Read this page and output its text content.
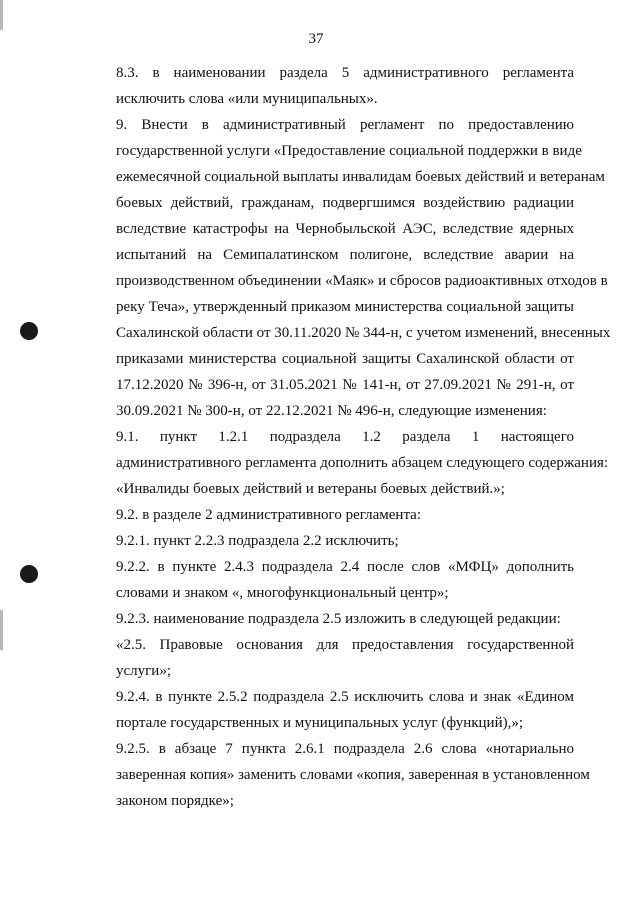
37

8.3. в наименовании раздела 5 административного регламента
исключить слова «или муниципальных».

9. Внести в административный регламент по предоставлению
государственной услуги «Предоставление социальной поддержки в виде
ежемесячной социальной выплаты инвалидам боевых действий и ветеранам
боевых действий, гражданам, подвергшимся воздействию радиации
вследствие катастрофы на Чернобыльской АЭС, вследствие ядерных
испытаний на Семипалатинском полигоне, вследствие аварии на
производственном объединении «Маяк» и сбросов радиоактивных отходов в
реку Теча», утвержденный приказом министерства социальной защиты
Сахалинской области от 30.11.2020 № 344-н, с учетом изменений, внесенных
приказами министерства социальной защиты Сахалинской области от
17.12.2020 № 396-н, от 31.05.2021 № 141-н, от 27.09.2021 № 291-н, от
30.09.2021 № 300-н, от 22.12.2021 № 496-н, следующие изменения:

9.1. пункт 1.2.1 подраздела 1.2 раздела 1 настоящего
административного регламента дополнить абзацем следующего содержания:

«Инвалиды боевых действий и ветераны боевых действий.»;

9.2. в разделе 2 административного регламента:

9.2.1. пункт 2.2.3 подраздела 2.2 исключить;

9.2.2. в пункте 2.4.3 подраздела 2.4 после слов «МФЦ» дополнить
словами и знаком «, многофункциональный центр»;

9.2.3. наименование подраздела 2.5 изложить в следующей редакции:

«2.5. Правовые основания для предоставления государственной
услуги»;

9.2.4. в пункте 2.5.2 подраздела 2.5 исключить слова и знак «Едином
портале государственных и муниципальных услуг (функций),»;

9.2.5. в абзаце 7 пункта 2.6.1 подраздела 2.6 слова «нотариально
заверенная копия» заменить словами «копия, заверенная в установленном
законом порядке»;
